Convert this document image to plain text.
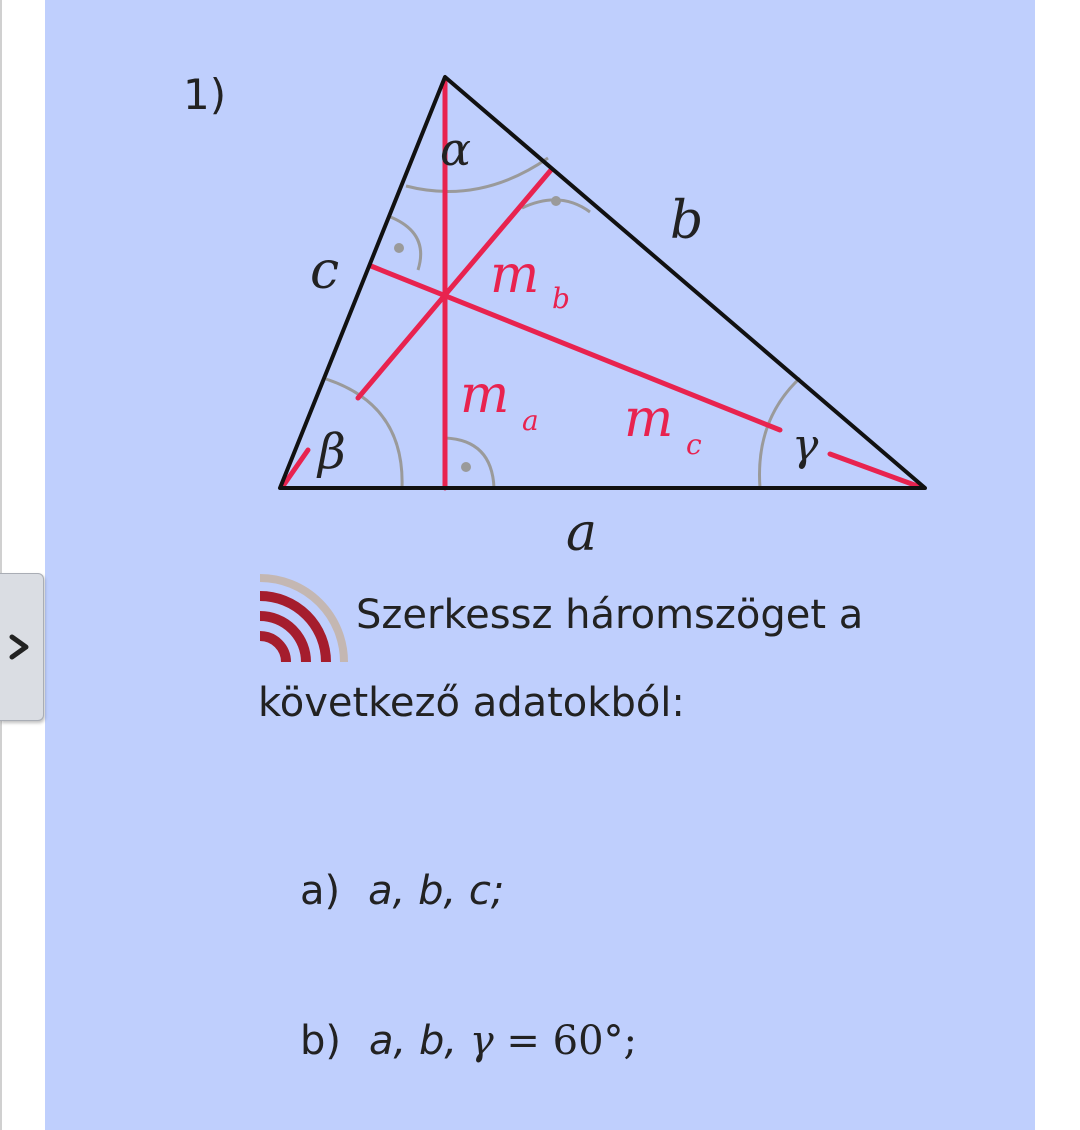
1)
α
β	γ
a
b
c	m b
m a m c
Szerkessz háromszöget a
következő adatokból:
a) a, b, c;
b) a, b, γ = 60°;
